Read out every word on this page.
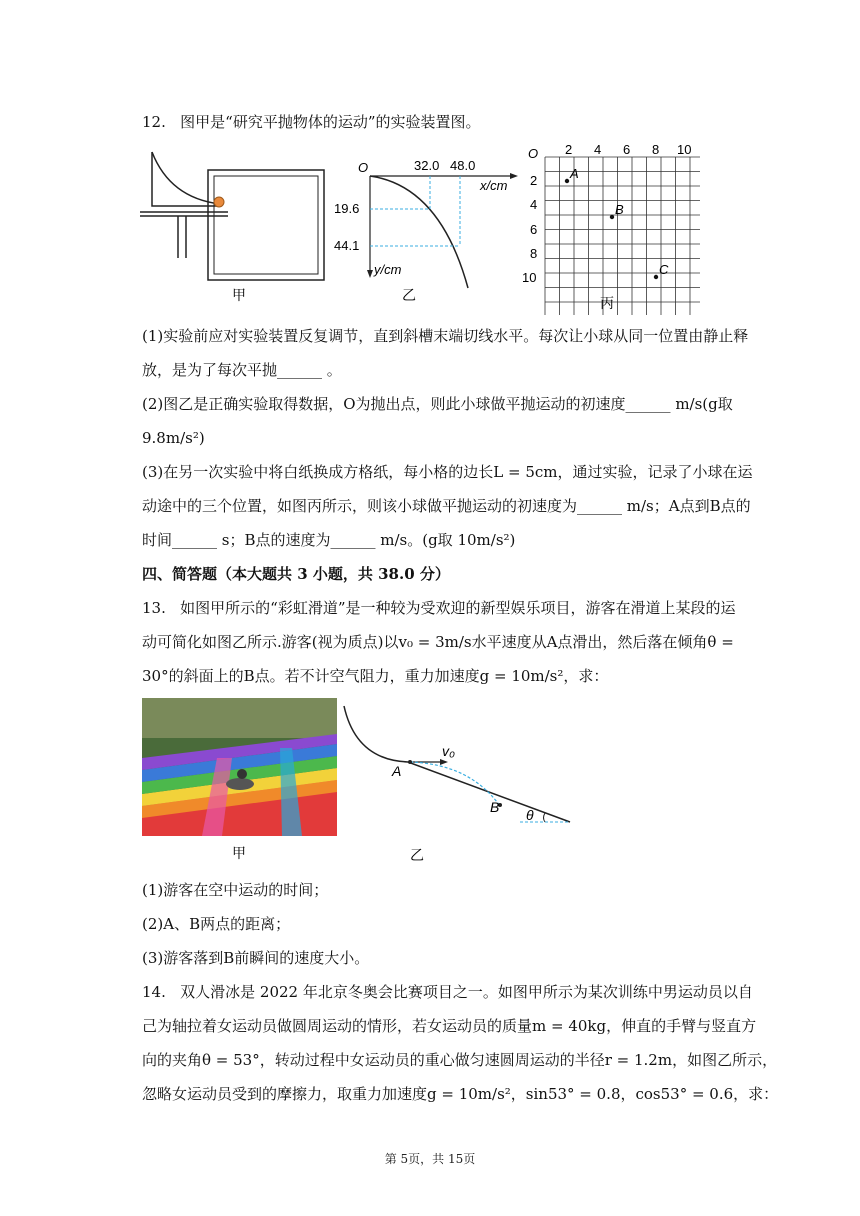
12.   图甲是“研究平抛物体的运动”的实验装置图。
甲
O	32.0 48.0
x/cm
19.6
44.1
y/cm
乙
O 2 4 6 8 10
2
4
6
8
10
A
B
C
丙
(1)实验前应对实验装置反复调节，直到斜槽末端切线水平。每次让小球从同一位置由静止释
放，是为了每次平抛______ 。
(2)图乙是正确实验取得数据，O为抛出点，则此小球做平抛运动的初速度______ m/s(g取
9.8m/s²)
(3)在另一次实验中将白纸换成方格纸，每小格的边长L = 5cm，通过实验，记录了小球在运
动途中的三个位置，如图丙所示，则该小球做平抛运动的初速度为______ m/s；A点到B点的
时间______ s；B点的速度为______ m/s。(g取 10m/s²)
四、简答题（本大题共 3 小题，共 38.0 分）
13.   如图甲所示的“彩虹滑道”是一种较为受欢迎的新型娱乐项目，游客在滑道上某段的运
动可简化如图乙所示.游客(视为质点)以v₀ = 3m/s水平速度从A点滑出，然后落在倾角θ =
30°的斜面上的B点。若不计空气阻力，重力加速度g = 10m/s²，求：
甲
v₀
A
B θ
乙
(1)游客在空中运动的时间；
(2)A、B两点的距离；
(3)游客落到B前瞬间的速度大小。
14.   双人滑冰是 2022 年北京冬奥会比赛项目之一。如图甲所示为某次训练中男运动员以自
己为轴拉着女运动员做圆周运动的情形，若女运动员的质量m = 40kg，伸直的手臂与竖直方
向的夹角θ = 53°，转动过程中女运动员的重心做匀速圆周运动的半径r = 1.2m，如图乙所示，
忽略女运动员受到的摩擦力，取重力加速度g = 10m/s²，sin53° = 0.8，cos53° = 0.6，求：
第 5页，共 15页
